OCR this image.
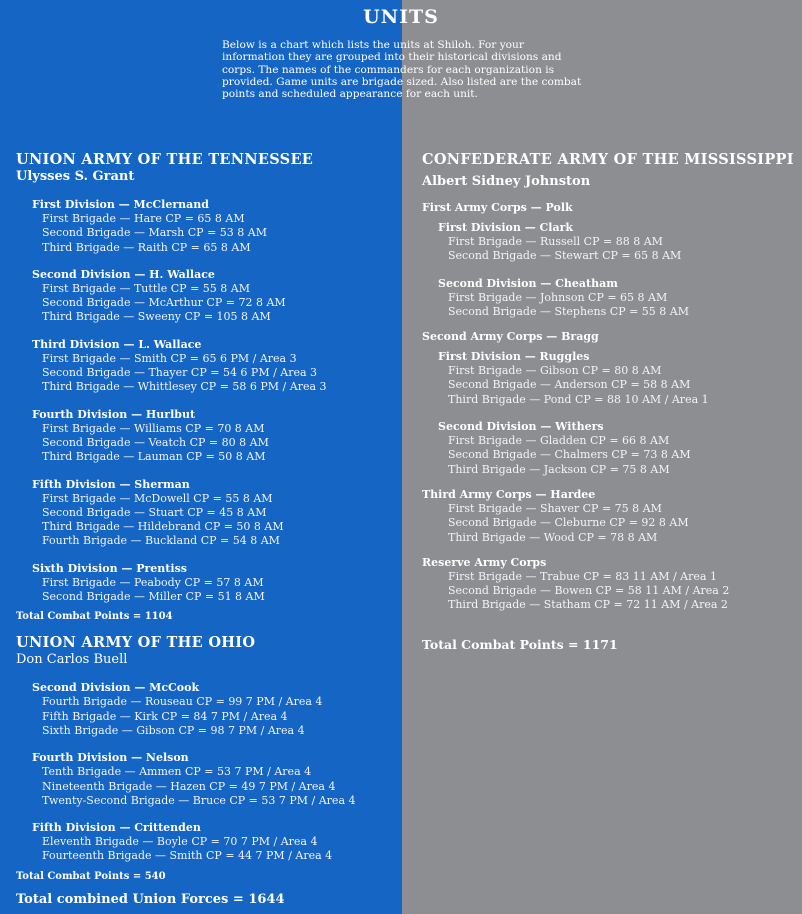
UNITS
Below is a chart which lists the units at Shiloh. For your information they are grouped into their historical divisions and corps. The names of the commanders for each organization is provided. Game units are brigade sized. Also listed are the combat points and scheduled appearance for each unit.
UNION ARMY OF THE TENNESSEE
Ulysses S. Grant
First Division — McClernand
First Brigade — Hare CP = 65 8 AM
Second Brigade — Marsh CP = 53 8 AM
Third Brigade — Raith CP = 65 8 AM
Second Division — H. Wallace
First Brigade — Tuttle CP = 55 8 AM
Second Brigade — McArthur CP = 72 8 AM
Third Brigade — Sweeny CP = 105 8 AM
Third Division — L. Wallace
First Brigade — Smith CP = 65 6 PM / Area 3
Second Brigade — Thayer CP = 54 6 PM / Area 3
Third Brigade — Whittlesey CP = 58 6 PM / Area 3
Fourth Division — Hurlbut
First Brigade — Williams CP = 70 8 AM
Second Brigade — Veatch CP = 80 8 AM
Third Brigade — Lauman CP = 50 8 AM
Fifth Division — Sherman
First Brigade — McDowell CP = 55 8 AM
Second Brigade — Stuart CP = 45 8 AM
Third Brigade — Hildebrand CP = 50 8 AM
Fourth Brigade — Buckland CP = 54 8 AM
Sixth Division — Prentiss
First Brigade — Peabody CP = 57 8 AM
Second Brigade — Miller CP = 51 8 AM
Total Combat Points = 1104
UNION ARMY OF THE OHIO
Don Carlos Buell
Second Division — McCook
Fourth Brigade — Rouseau CP = 99 7 PM / Area 4
Fifth Brigade — Kirk CP = 84 7 PM / Area 4
Sixth Brigade — Gibson CP = 98 7 PM / Area 4
Fourth Division — Nelson
Tenth Brigade — Ammen CP = 53 7 PM / Area 4
Nineteenth Brigade — Hazen CP = 49 7 PM / Area 4
Twenty-Second Brigade — Bruce CP = 53 7 PM / Area 4
Fifth Division — Crittenden
Eleventh Brigade — Boyle CP = 70 7 PM / Area 4
Fourteenth Brigade — Smith CP = 44 7 PM / Area 4
Total Combat Points = 540
Total combined Union Forces = 1644
CONFEDERATE ARMY OF THE MISSISSIPPI
Albert Sidney Johnston
First Army Corps — Polk
First Division — Clark
First Brigade — Russell CP = 88 8 AM
Second Brigade — Stewart CP = 65 8 AM
Second Division — Cheatham
First Brigade — Johnson CP = 65 8 AM
Second Brigade — Stephens CP = 55 8 AM
Second Army Corps — Bragg
First Division — Ruggles
First Brigade — Gibson CP = 80 8 AM
Second Brigade — Anderson CP = 58 8 AM
Third Brigade — Pond CP = 88 10 AM / Area 1
Second Division — Withers
First Brigade — Gladden CP = 66 8 AM
Second Brigade — Chalmers CP = 73 8 AM
Third Brigade — Jackson CP = 75 8 AM
Third Army Corps — Hardee
First Brigade — Shaver CP = 75 8 AM
Second Brigade — Cleburne CP = 92 8 AM
Third Brigade — Wood CP = 78 8 AM
Reserve Army Corps
First Brigade — Trabue CP = 83 11 AM / Area 1
Second Brigade — Bowen CP = 58 11 AM / Area 2
Third Brigade — Statham CP = 72 11 AM / Area 2
Total Combat Points = 1171
